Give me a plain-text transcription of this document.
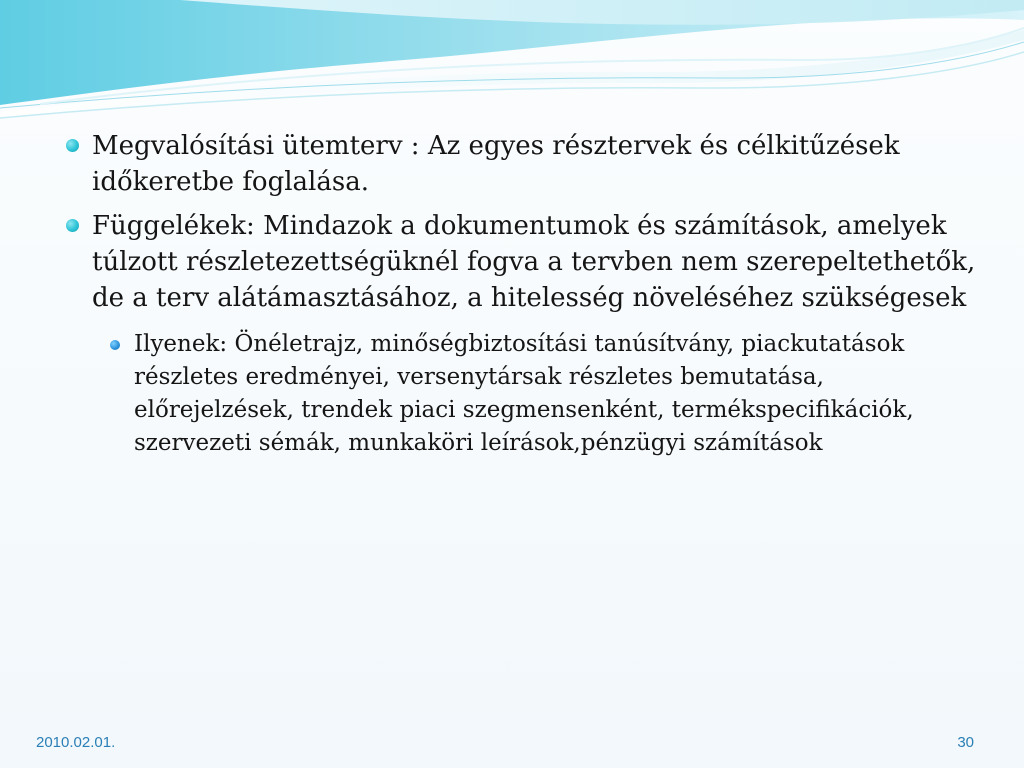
Megvalósítási ütemterv : Az egyes résztervek és célkitűzések időkeretbe foglalása.
Függelékek: Mindazok a dokumentumok és számítások, amelyek túlzott részletezettségüknél fogva a tervben nem szerepeltethetők, de a terv alátámasztásához, a hitelesség növeléséhez szükségesek
Ilyenek: Önéletrajz, minőségbiztosítási tanúsítvány, piackutatások részletes eredményei, versenytársak részletes bemutatása, előrejelzések, trendek piaci szegmensenként, termékspecifikációk, szervezeti sémák, munkaköri leírások,pénzügyi számítások
2010.02.01.	30
